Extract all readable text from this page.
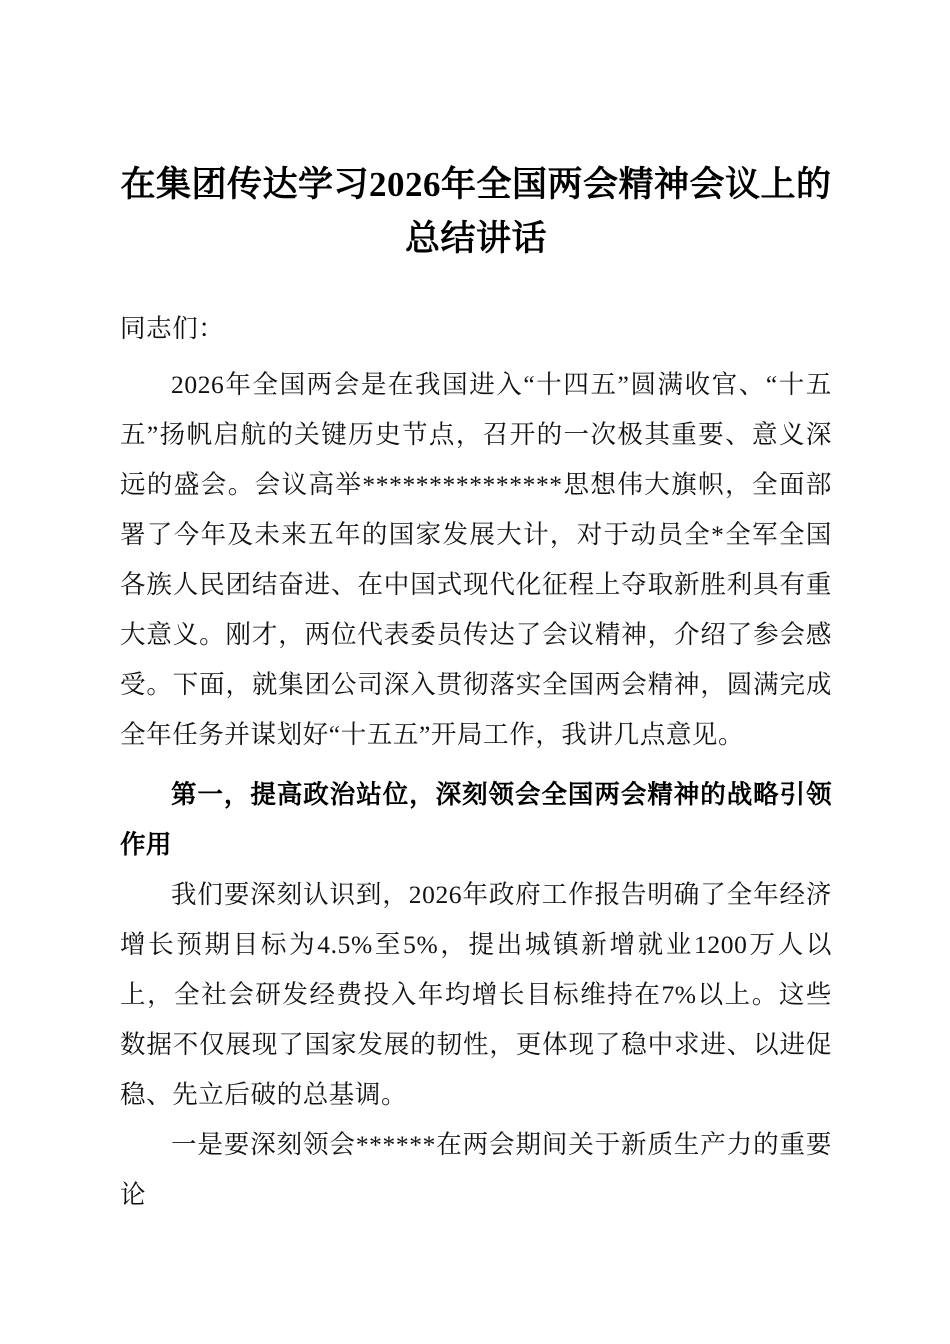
在集团传达学习2026年全国两会精神会议上的总结讲话

同志们：

2026年全国两会是在我国进入“十四五”圆满收官、“十五五”扬帆启航的关键历史节点，召开的一次极其重要、意义深远的盛会。会议高举***************思想伟大旗帜，全面部署了今年及未来五年的国家发展大计，对于动员全*全军全国各族人民团结奋进、在中国式现代化征程上夺取新胜利具有重大意义。刚才，两位代表委员传达了会议精神，介绍了参会感受。下面，就集团公司深入贯彻落实全国两会精神，圆满完成全年任务并谋划好“十五五”开局工作，我讲几点意见。

第一，提高政治站位，深刻领会全国两会精神的战略引领作用

我们要深刻认识到，2026年政府工作报告明确了全年经济增长预期目标为4.5%至5%，提出城镇新增就业1200万人以上，全社会研发经费投入年均增长目标维持在7%以上。这些数据不仅展现了国家发展的韧性，更体现了稳中求进、以进促稳、先立后破的总基调。

一是要深刻领会******在两会期间关于新质生产力的重要论
